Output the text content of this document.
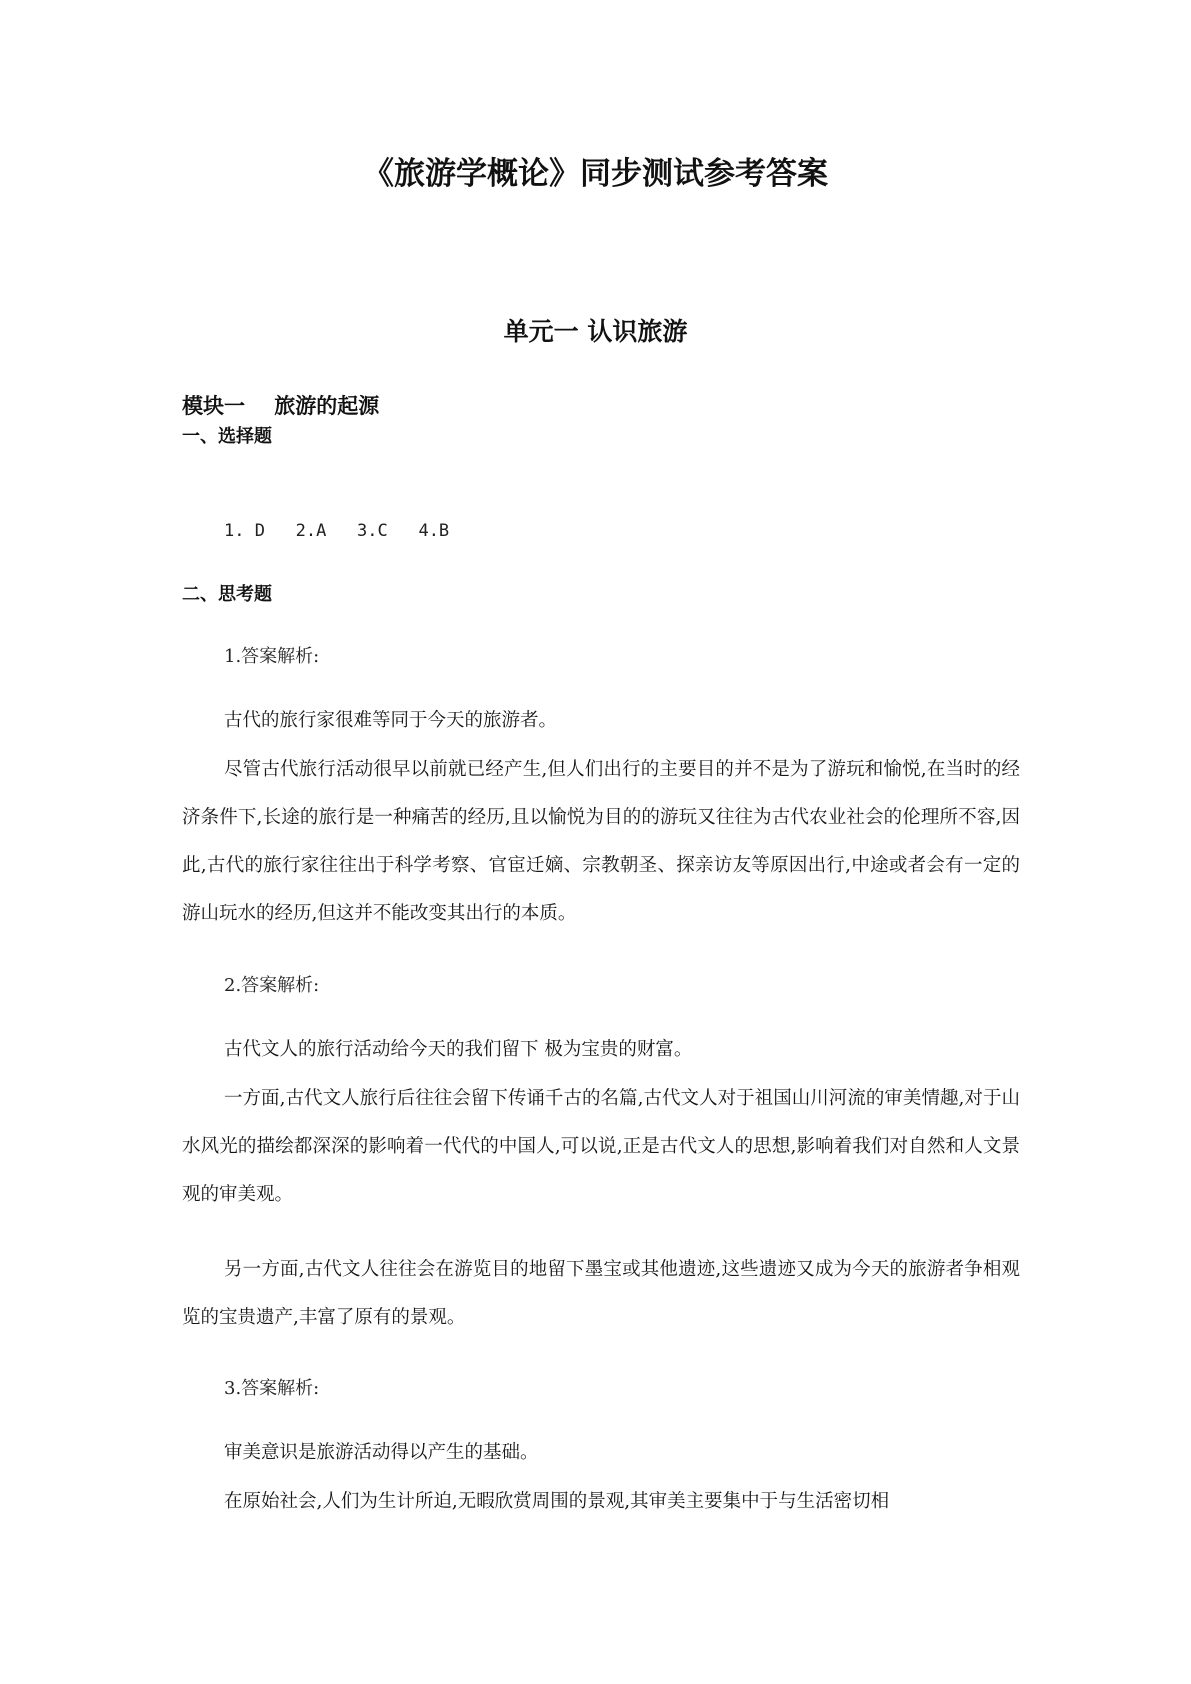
《旅游学概论》同步测试参考答案
单元一 认识旅游
模块一    旅游的起源
一、选择题

1. D   2.A   3.C   4.B

二、思考题

1.答案解析:

古代的旅行家很难等同于今天的旅游者。

尽管古代旅行活动很早以前就已经产生,但人们出行的主要目的并不是为了游玩和愉悦,在当时的经济条件下,长途的旅行是一种痛苦的经历,且以愉悦为目的的游玩又往往为古代农业社会的伦理所不容,因此,古代的旅行家往往出于科学考察、官宦迁嫡、宗教朝圣、探亲访友等原因出行,中途或者会有一定的游山玩水的经历,但这并不能改变其出行的本质。

2.答案解析:

古代文人的旅行活动给今天的我们留下 极为宝贵的财富。

一方面,古代文人旅行后往往会留下传诵千古的名篇,古代文人对于祖国山川河流的审美情趣,对于山水风光的描绘都深深的影响着一代代的中国人,可以说,正是古代文人的思想,影响着我们对自然和人文景观的审美观。

另一方面,古代文人往往会在游览目的地留下墨宝或其他遗迹,这些遗迹又成为今天的旅游者争相观览的宝贵遗产,丰富了原有的景观。

3.答案解析:

审美意识是旅游活动得以产生的基础。

在原始社会,人们为生计所迫,无暇欣赏周围的景观,其审美主要集中于与生活密切相
